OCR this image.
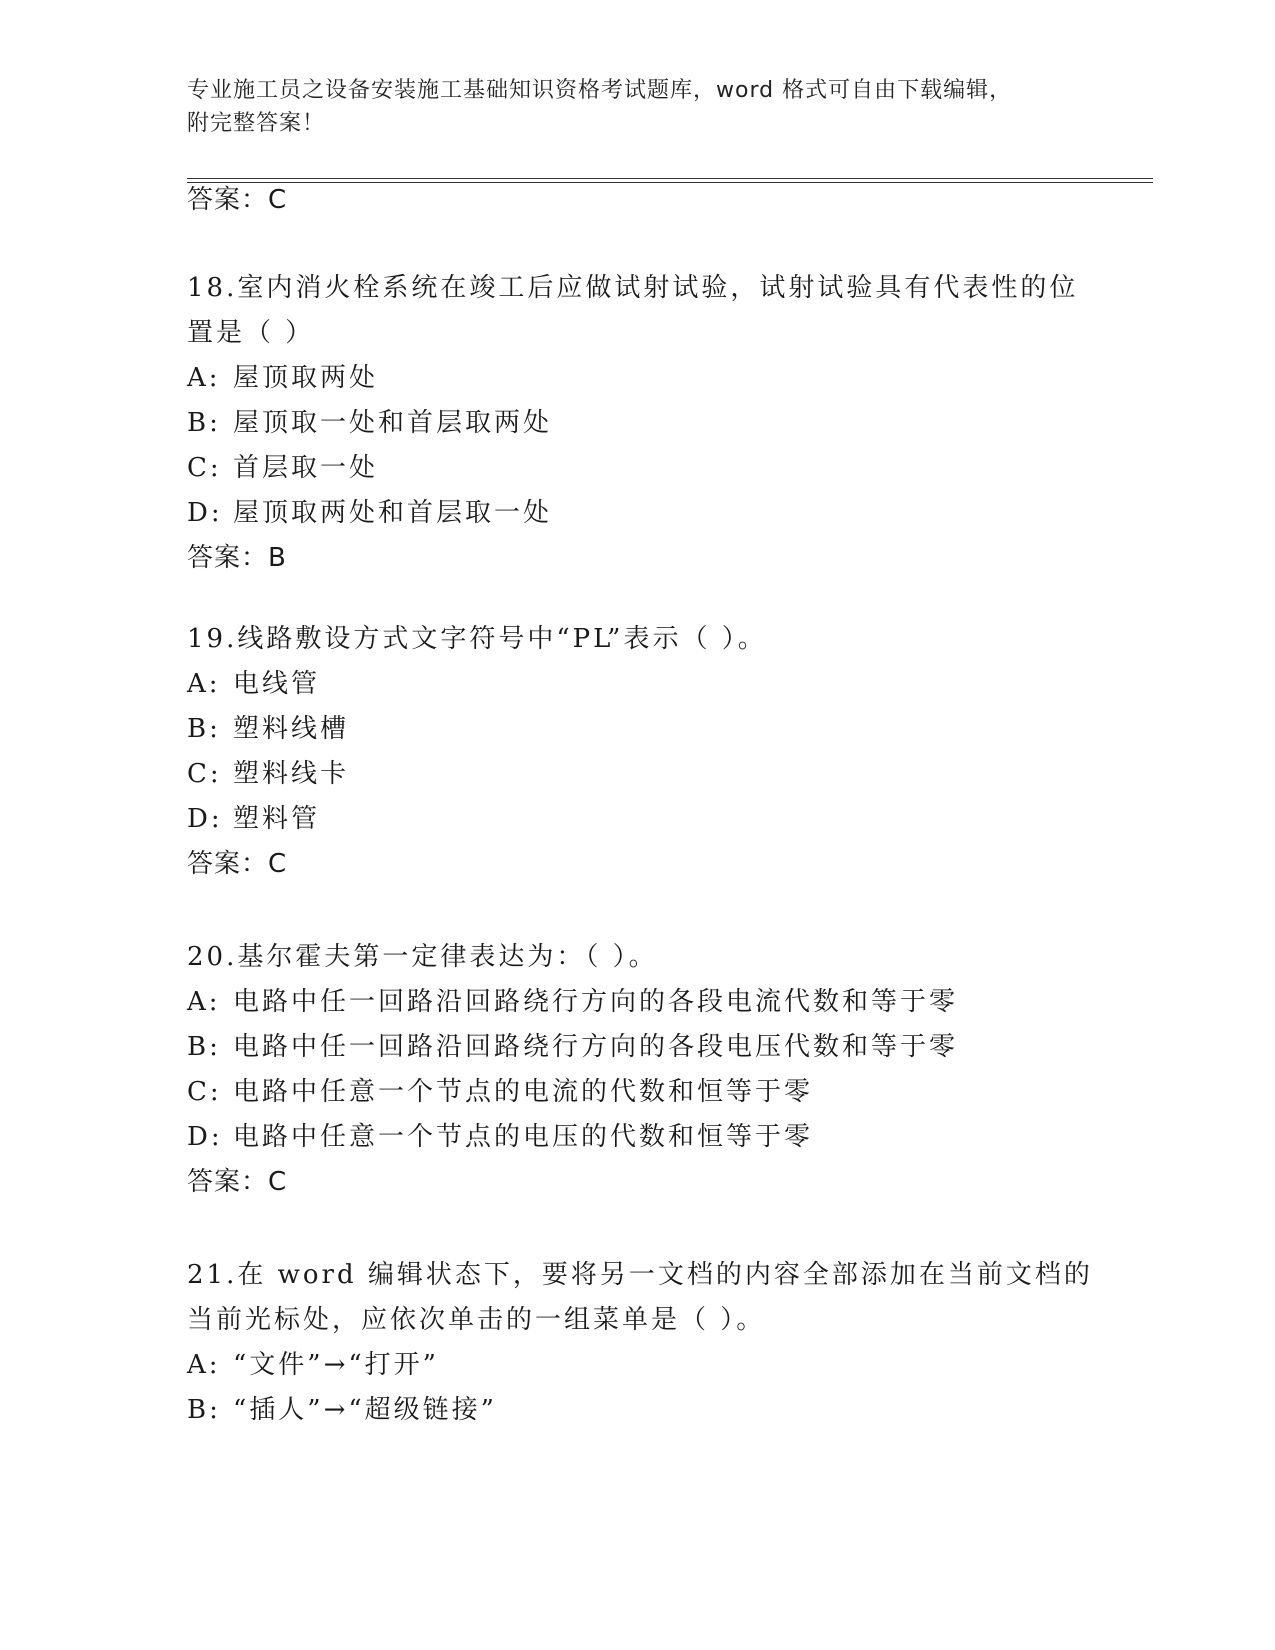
专业施工员之设备安装施工基础知识资格考试题库，word 格式可自由下载编辑，
附完整答案！
答案：C
18.室内消火栓系统在竣工后应做试射试验，试射试验具有代表性的位
置是（ ）
A: 屋顶取两处
B: 屋顶取一处和首层取两处
C: 首层取一处
D: 屋顶取两处和首层取一处
答案：B
19.线路敷设方式文字符号中“PL”表示（ ）。
A: 电线管
B: 塑料线槽
C: 塑料线卡
D: 塑料管
答案：C
20.基尔霍夫第一定律表达为：（ ）。
A: 电路中任一回路沿回路绕行方向的各段电流代数和等于零
B: 电路中任一回路沿回路绕行方向的各段电压代数和等于零
C: 电路中任意一个节点的电流的代数和恒等于零
D: 电路中任意一个节点的电压的代数和恒等于零
答案：C
21.在 word 编辑状态下，要将另一文档的内容全部添加在当前文档的
当前光标处，应依次单击的一组菜单是（ ）。
A: “文件”→“打开”
B: “插人”→“超级链接”
